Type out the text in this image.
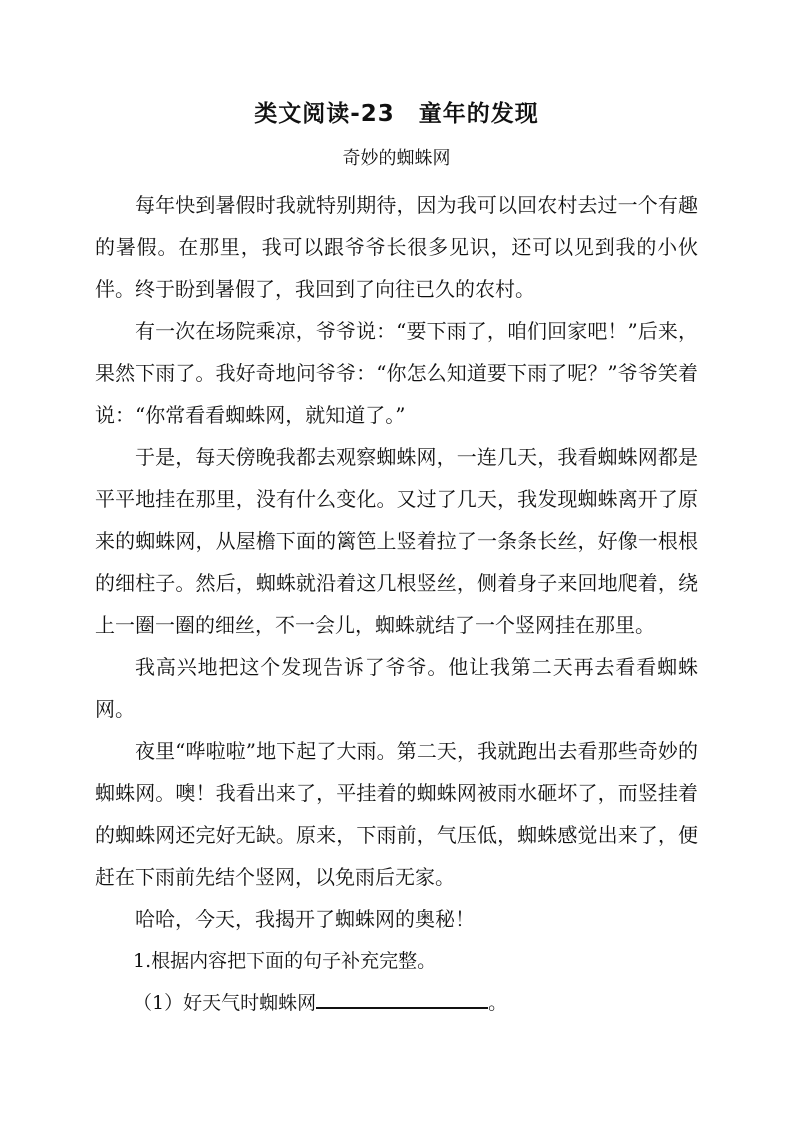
类文阅读-23　童年的发现
奇妙的蜘蛛网

每年快到暑假时我就特别期待，因为我可以回农村去过一个有趣的暑假。在那里，我可以跟爷爷长很多见识，还可以见到我的小伙伴。终于盼到暑假了，我回到了向往已久的农村。

有一次在场院乘凉，爷爷说：“要下雨了，咱们回家吧！”后来，果然下雨了。我好奇地问爷爷：“你怎么知道要下雨了呢？”爷爷笑着说：“你常看看蜘蛛网，就知道了。”

于是，每天傍晚我都去观察蜘蛛网，一连几天，我看蜘蛛网都是平平地挂在那里，没有什么变化。又过了几天，我发现蜘蛛离开了原来的蜘蛛网，从屋檐下面的篱笆上竖着拉了一条条长丝，好像一根根的细柱子。然后，蜘蛛就沿着这几根竖丝，侧着身子来回地爬着，绕上一圈一圈的细丝，不一会儿，蜘蛛就结了一个竖网挂在那里。

我高兴地把这个发现告诉了爷爷。他让我第二天再去看看蜘蛛网。

夜里“哗啦啦”地下起了大雨。第二天，我就跑出去看那些奇妙的蜘蛛网。噢！我看出来了，平挂着的蜘蛛网被雨水砸坏了，而竖挂着的蜘蛛网还完好无缺。原来，下雨前，气压低，蜘蛛感觉出来了，便赶在下雨前先结个竖网，以免雨后无家。

哈哈，今天，我揭开了蜘蛛网的奥秘！

1.根据内容把下面的句子补充完整。

（1）好天气时蜘蛛网	。
